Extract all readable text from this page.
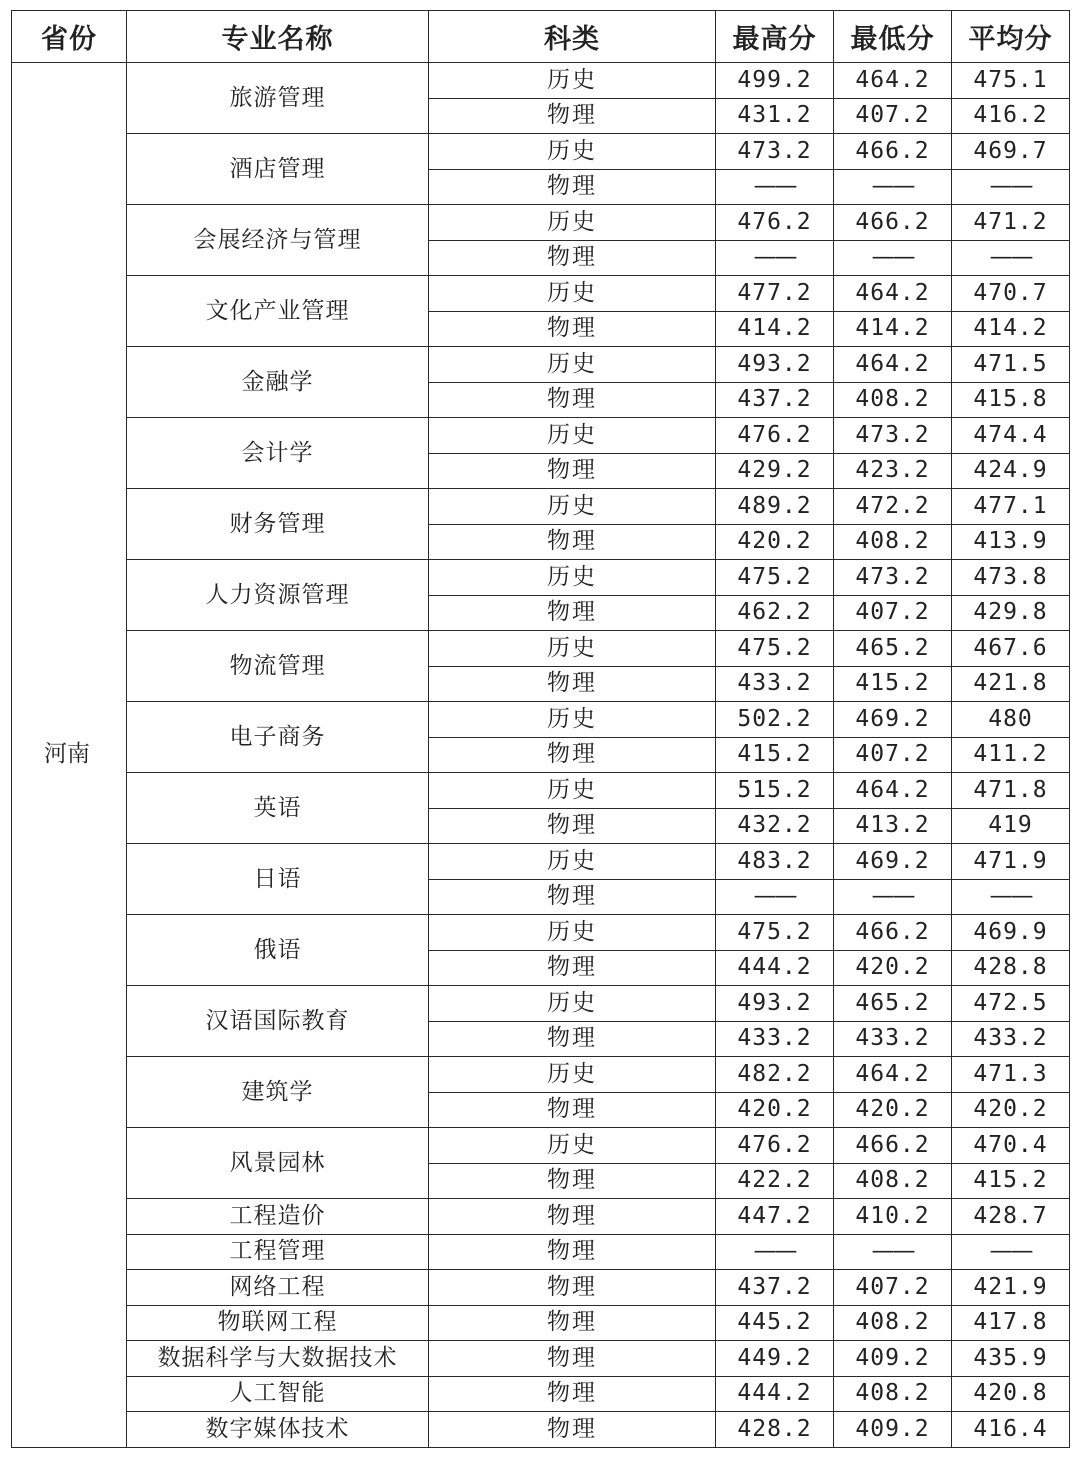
省份	专业名称	科类	最高分	最低分	平均分
河南	旅游管理	历史	499.2	464.2	475.1
		物理	431.2	407.2	416.2
	酒店管理	历史	473.2	466.2	469.7
		物理	——	——	——
	会展经济与管理	历史	476.2	466.2	471.2
		物理	——	——	——
	文化产业管理	历史	477.2	464.2	470.7
		物理	414.2	414.2	414.2
	金融学	历史	493.2	464.2	471.5
		物理	437.2	408.2	415.8
	会计学	历史	476.2	473.2	474.4
		物理	429.2	423.2	424.9
	财务管理	历史	489.2	472.2	477.1
		物理	420.2	408.2	413.9
	人力资源管理	历史	475.2	473.2	473.8
		物理	462.2	407.2	429.8
	物流管理	历史	475.2	465.2	467.6
		物理	433.2	415.2	421.8
	电子商务	历史	502.2	469.2	480
		物理	415.2	407.2	411.2
	英语	历史	515.2	464.2	471.8
		物理	432.2	413.2	419
	日语	历史	483.2	469.2	471.9
		物理	——	——	——
	俄语	历史	475.2	466.2	469.9
		物理	444.2	420.2	428.8
	汉语国际教育	历史	493.2	465.2	472.5
		物理	433.2	433.2	433.2
	建筑学	历史	482.2	464.2	471.3
		物理	420.2	420.2	420.2
	风景园林	历史	476.2	466.2	470.4
		物理	422.2	408.2	415.2
	工程造价	物理	447.2	410.2	428.7
	工程管理	物理	——	——	——
	网络工程	物理	437.2	407.2	421.9
	物联网工程	物理	445.2	408.2	417.8
	数据科学与大数据技术	物理	449.2	409.2	435.9
	人工智能	物理	444.2	408.2	420.8
	数字媒体技术	物理	428.2	409.2	416.4
